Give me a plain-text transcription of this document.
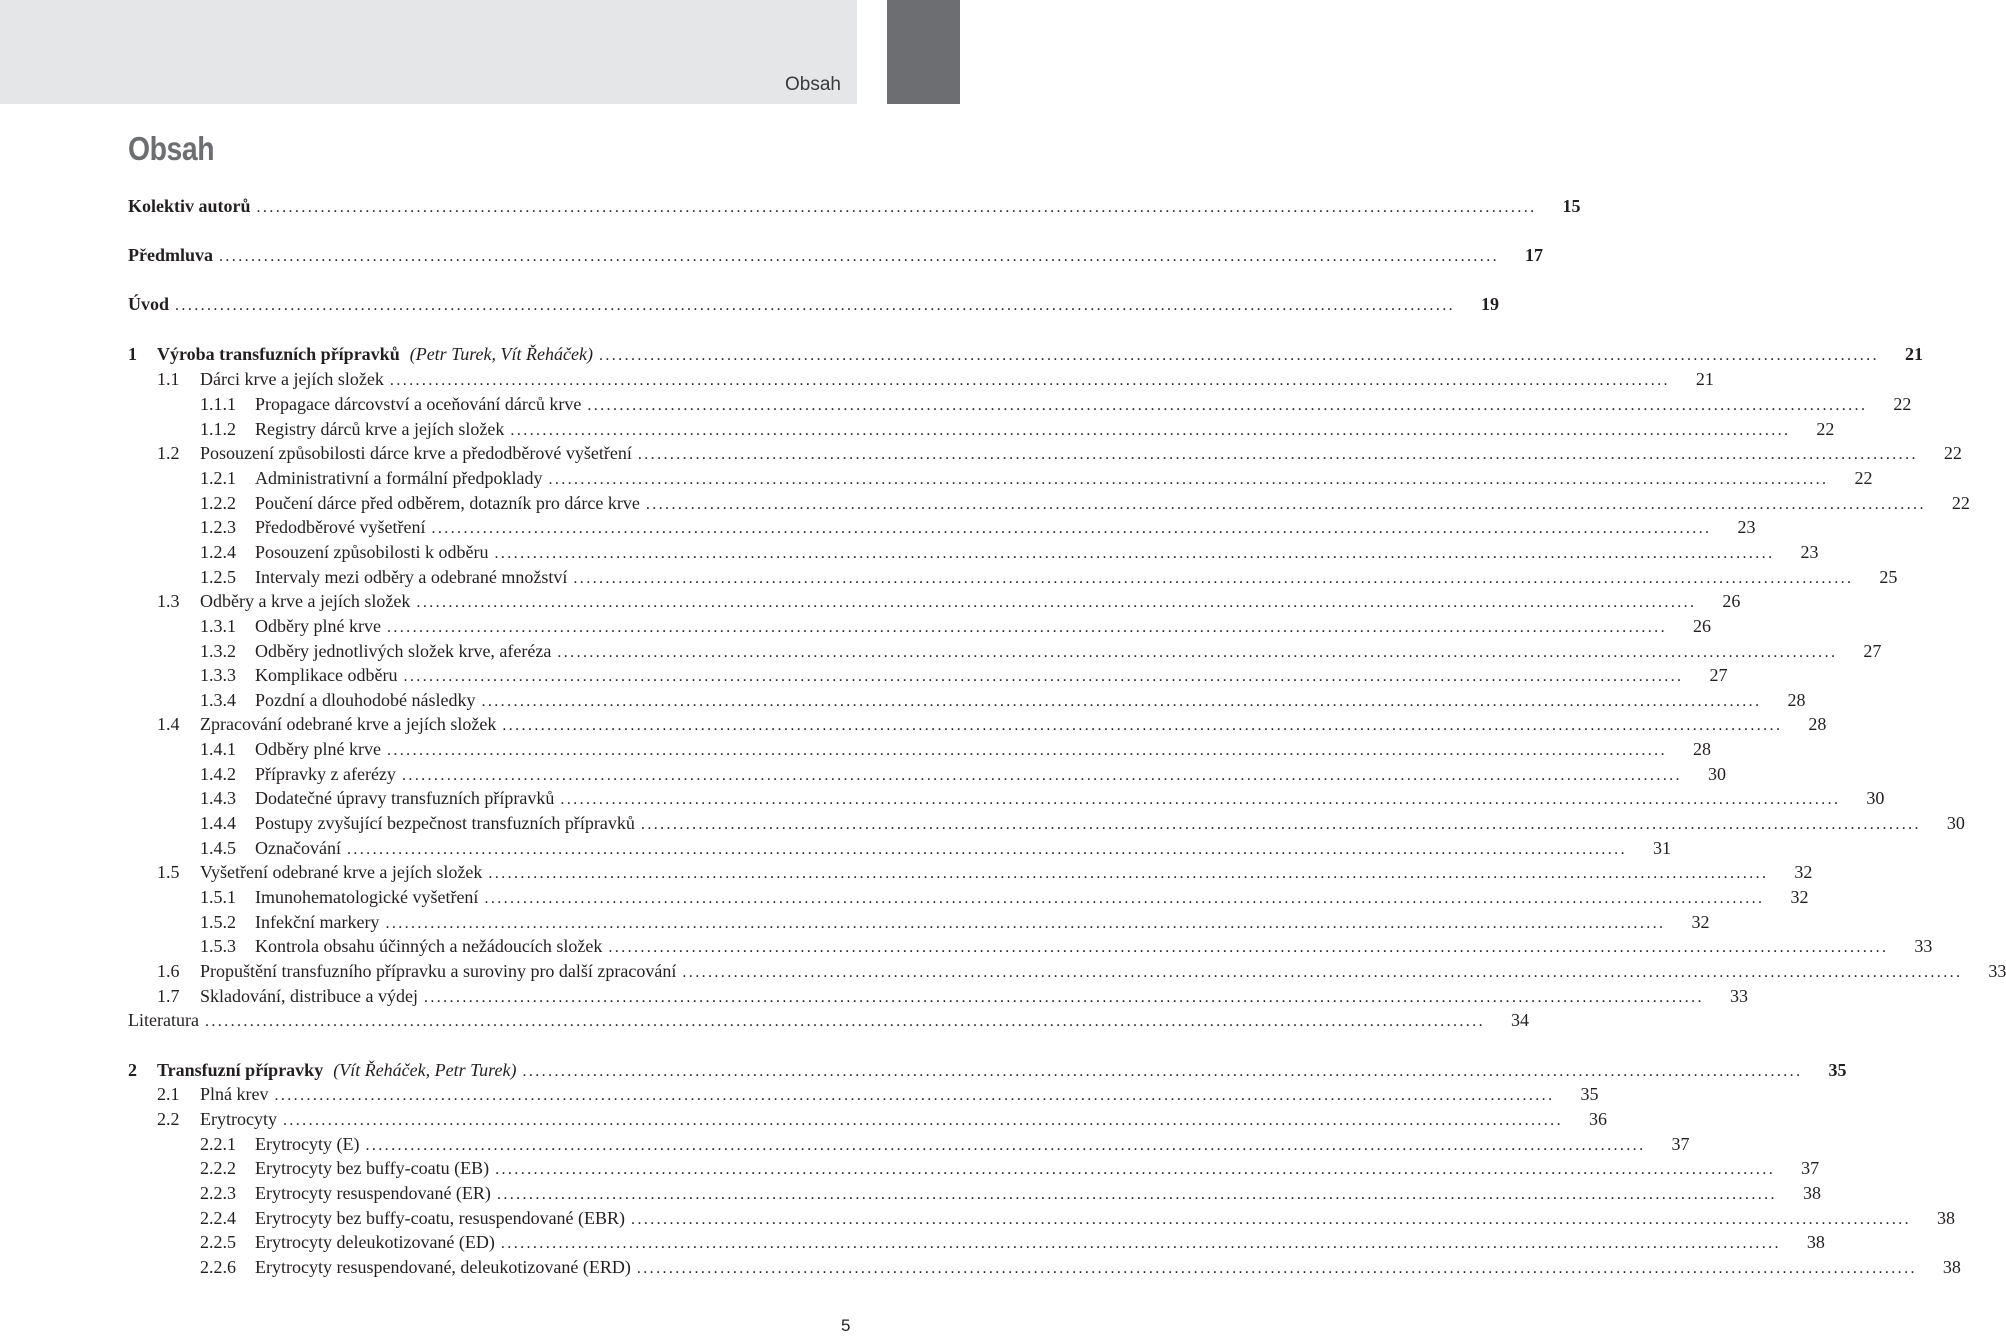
Obsah
Obsah
Kolektiv autorů ........................................................................................................................................................................................................	15
Předmluva ........................................................................................................................................................................................................	17
Úvod ........................................................................................................................................................................................................	19
1	Výroba transfuzních přípravků (Petr Turek, Vít Řeháček) ........................................................................................................................................................................................................	21
1.1	Dárci krve a jejích složek ........................................................................................................................................................................................................	21
1.1.1	Propagace dárcovství a oceňování dárců krve ........................................................................................................................................................................................................	22
1.1.2	Registry dárců krve a jejích složek ........................................................................................................................................................................................................	22
1.2	Posouzení způsobilosti dárce krve a předodběrové vyšetření ........................................................................................................................................................................................................	22
1.2.1	Administrativní a formální předpoklady ........................................................................................................................................................................................................	22
1.2.2	Poučení dárce před odběrem, dotazník pro dárce krve ........................................................................................................................................................................................................	22
1.2.3	Předodběrové vyšetření ........................................................................................................................................................................................................	23
1.2.4	Posouzení způsobilosti k odběru ........................................................................................................................................................................................................	23
1.2.5	Intervaly mezi odběry a odebrané množství ........................................................................................................................................................................................................	25
1.3	Odběry a krve a jejích složek ........................................................................................................................................................................................................	26
1.3.1	Odběry plné krve ........................................................................................................................................................................................................	26
1.3.2	Odběry jednotlivých složek krve, aferéza ........................................................................................................................................................................................................	27
1.3.3	Komplikace odběru ........................................................................................................................................................................................................	27
1.3.4	Pozdní a dlouhodobé následky ........................................................................................................................................................................................................	28
1.4	Zpracování odebrané krve a jejích složek ........................................................................................................................................................................................................	28
1.4.1	Odběry plné krve ........................................................................................................................................................................................................	28
1.4.2	Přípravky z aferézy ........................................................................................................................................................................................................	30
1.4.3	Dodatečné úpravy transfuzních přípravků ........................................................................................................................................................................................................	30
1.4.4	Postupy zvyšující bezpečnost transfuzních přípravků ........................................................................................................................................................................................................	30
1.4.5	Označování ........................................................................................................................................................................................................	31
1.5	Vyšetření odebrané krve a jejích složek ........................................................................................................................................................................................................	32
1.5.1	Imunohematologické vyšetření ........................................................................................................................................................................................................	32
1.5.2	Infekční markery ........................................................................................................................................................................................................	32
1.5.3	Kontrola obsahu účinných a nežádoucích složek ........................................................................................................................................................................................................	33
1.6	Propuštění transfuzního přípravku a suroviny pro další zpracování ........................................................................................................................................................................................................	33
1.7	Skladování, distribuce a výdej ........................................................................................................................................................................................................	33
Literatura ........................................................................................................................................................................................................	34
2	Transfuzní přípravky (Vít Řeháček, Petr Turek) ........................................................................................................................................................................................................	35
2.1	Plná krev ........................................................................................................................................................................................................	35
2.2	Erytrocyty ........................................................................................................................................................................................................	36
2.2.1	Erytrocyty (E) ........................................................................................................................................................................................................	37
2.2.2	Erytrocyty bez buffy-coatu (EB) ........................................................................................................................................................................................................	37
2.2.3	Erytrocyty resuspendované (ER) ........................................................................................................................................................................................................	38
2.2.4	Erytrocyty bez buffy-coatu, resuspendované (EBR) ........................................................................................................................................................................................................	38
2.2.5	Erytrocyty deleukotizované (ED) ........................................................................................................................................................................................................	38
2.2.6	Erytrocyty resuspendované, deleukotizované (ERD) ........................................................................................................................................................................................................	38
5
